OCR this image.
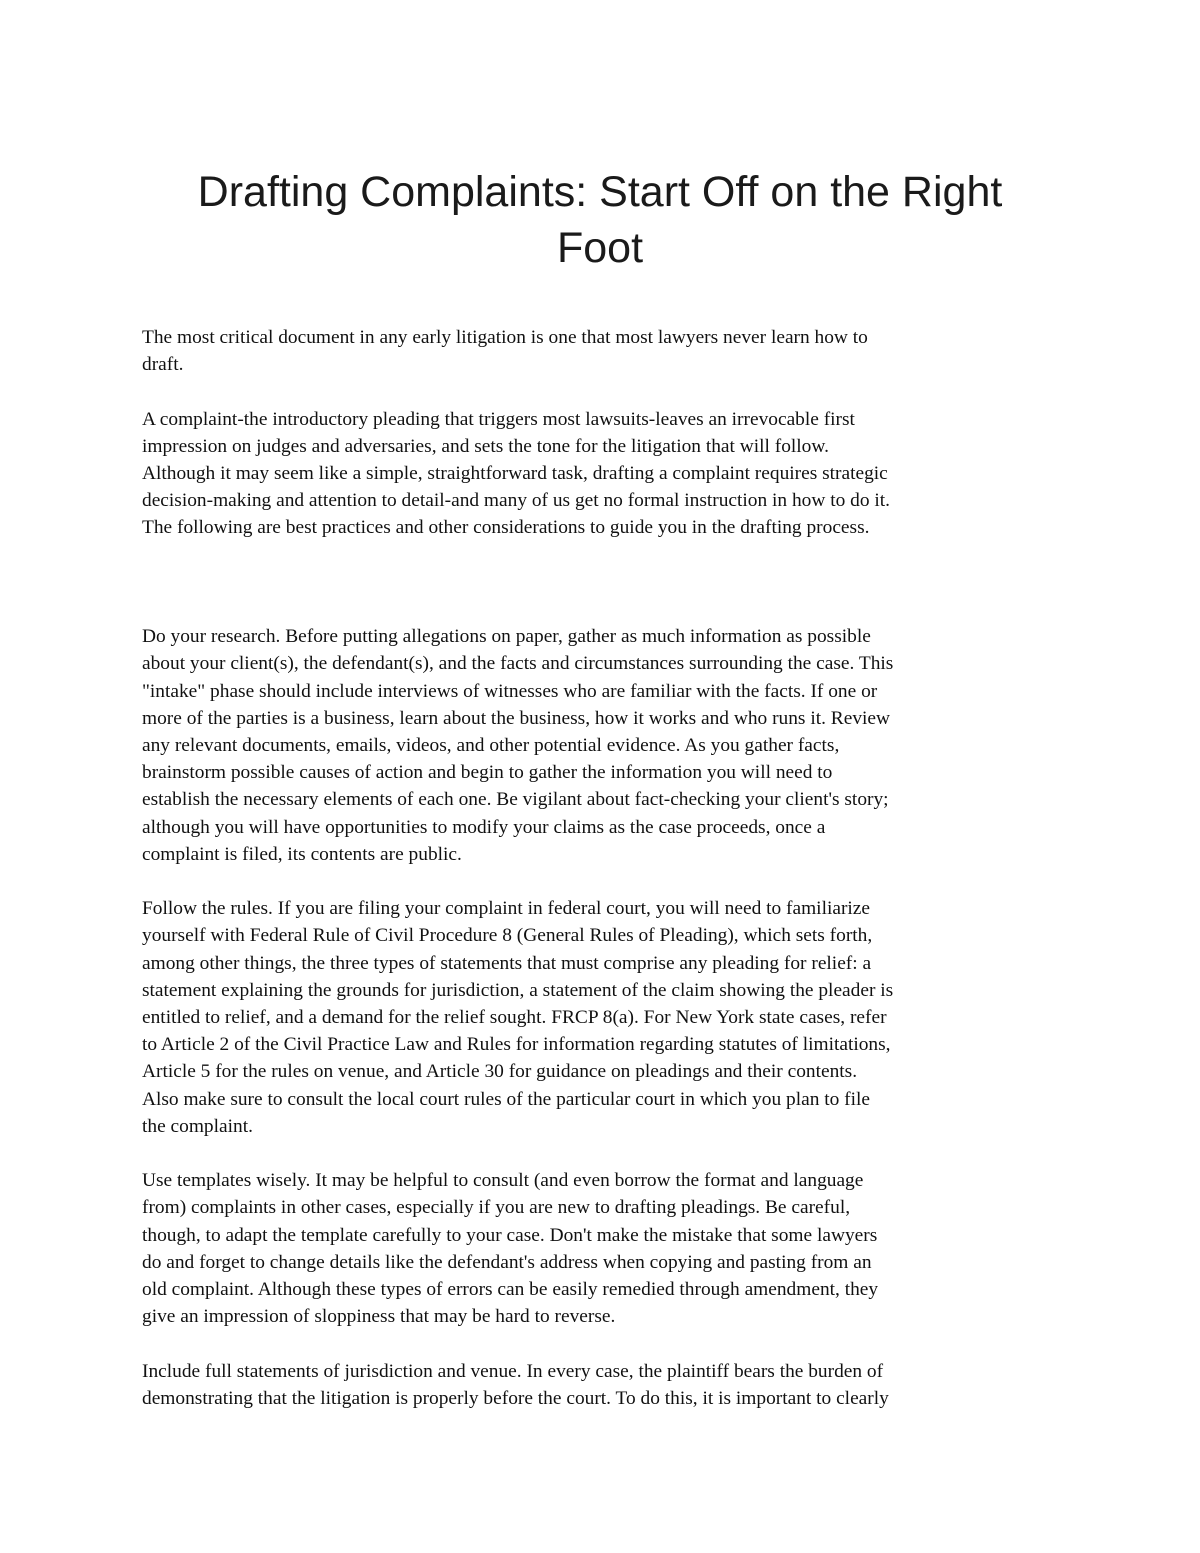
Drafting Complaints: Start Off on the Right
Foot
The most critical document in any early litigation is one that most lawyers never learn how to
draft.
A complaint-the introductory pleading that triggers most lawsuits-leaves an irrevocable first
impression on judges and adversaries, and sets the tone for the litigation that will follow.
Although it may seem like a simple, straightforward task, drafting a complaint requires strategic
decision-making and attention to detail-and many of us get no formal instruction in how to do it.
The following are best practices and other considerations to guide you in the drafting process.
Do your research. Before putting allegations on paper, gather as much information as possible
about your client(s), the defendant(s), and the facts and circumstances surrounding the case. This
"intake" phase should include interviews of witnesses who are familiar with the facts. If one or
more of the parties is a business, learn about the business, how it works and who runs it. Review
any relevant documents, emails, videos, and other potential evidence. As you gather facts,
brainstorm possible causes of action and begin to gather the information you will need to
establish the necessary elements of each one. Be vigilant about fact-checking your client's story;
although you will have opportunities to modify your claims as the case proceeds, once a
complaint is filed, its contents are public.
Follow the rules. If you are filing your complaint in federal court, you will need to familiarize
yourself with Federal Rule of Civil Procedure 8 (General Rules of Pleading), which sets forth,
among other things, the three types of statements that must comprise any pleading for relief: a
statement explaining the grounds for jurisdiction, a statement of the claim showing the pleader is
entitled to relief, and a demand for the relief sought. FRCP 8(a). For New York state cases, refer
to Article 2 of the Civil Practice Law and Rules for information regarding statutes of limitations,
Article 5 for the rules on venue, and Article 30 for guidance on pleadings and their contents.
Also make sure to consult the local court rules of the particular court in which you plan to file
the complaint.
Use templates wisely. It may be helpful to consult (and even borrow the format and language
from) complaints in other cases, especially if you are new to drafting pleadings. Be careful,
though, to adapt the template carefully to your case. Don't make the mistake that some lawyers
do and forget to change details like the defendant's address when copying and pasting from an
old complaint. Although these types of errors can be easily remedied through amendment, they
give an impression of sloppiness that may be hard to reverse.
Include full statements of jurisdiction and venue. In every case, the plaintiff bears the burden of
demonstrating that the litigation is properly before the court. To do this, it is important to clearly
